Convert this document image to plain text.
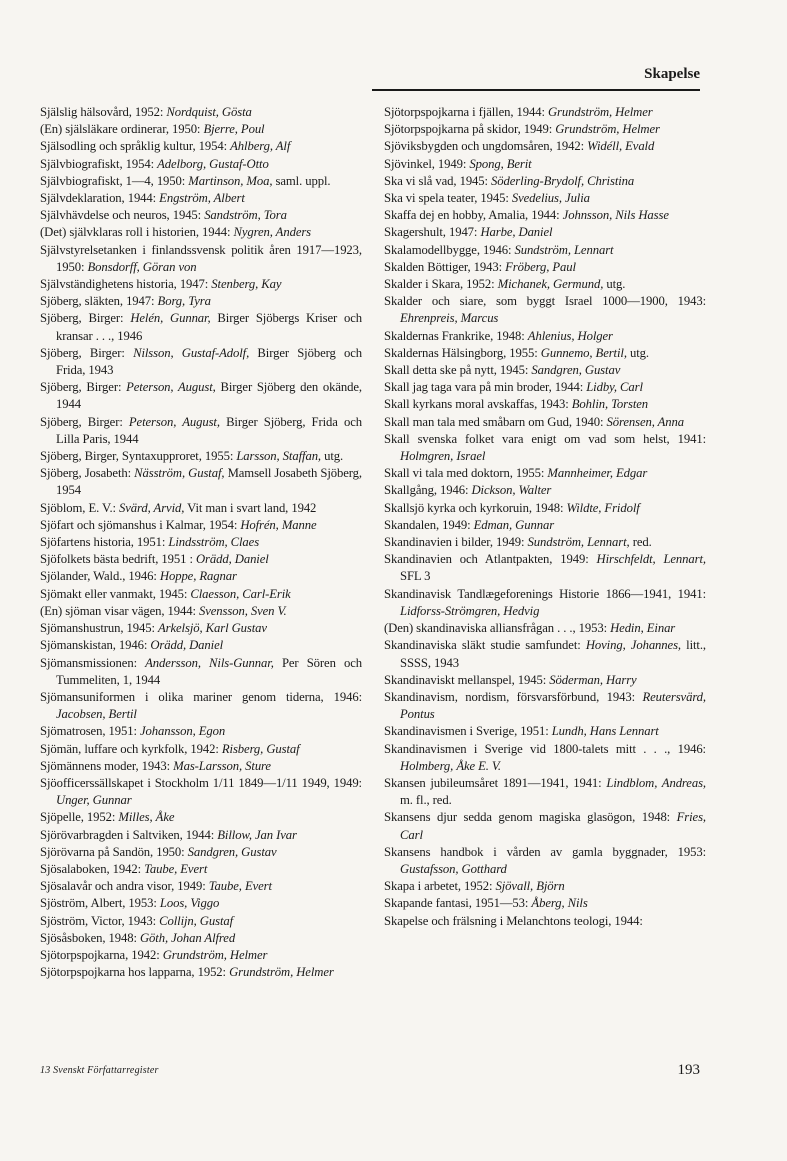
Skapelse
Själslig hälsovård, 1952: Nordquist, Gösta
(En) själsläkare ordinerar, 1950: Bjerre, Poul
Själsodling och språklig kultur, 1954: Ahlberg, Alf
Självbiografiskt, 1954: Adelborg, Gustaf-Otto
Självbiografiskt, 1—4, 1950: Martinson, Moa, saml. uppl.
Självdeklaration, 1944: Engström, Albert
Självhävdelse och neuros, 1945: Sandström, Tora
(Det) självklaras roll i historien, 1944: Nygren, Anders
Självstyrelsetanken i finlandssvensk politik åren 1917—1923, 1950: Bonsdorff, Göran von
Självständighetens historia, 1947: Stenberg, Kay
Sjöberg, släkten, 1947: Borg, Tyra
Sjöberg, Birger: Helén, Gunnar, Birger Sjöbergs Kriser och kransar . . ., 1946
Sjöberg, Birger: Nilsson, Gustaf-Adolf, Birger Sjöberg och Frida, 1943
Sjöberg, Birger: Peterson, August, Birger Sjöberg den okände, 1944
Sjöberg, Birger: Peterson, August, Birger Sjöberg, Frida och Lilla Paris, 1944
Sjöberg, Birger, Syntaxupproret, 1955: Larsson, Staffan, utg.
Sjöberg, Josabeth: Näsström, Gustaf, Mamsell Josabeth Sjöberg, 1954
Sjöblom, E. V.: Svärd, Arvid, Vit man i svart land, 1942
Sjöfart och sjömanshus i Kalmar, 1954: Hofrén, Manne
Sjöfartens historia, 1951: Lindsström, Claes
Sjöfolkets bästa bedrift, 1951 : Orädd, Daniel
Sjölander, Wald., 1946: Hoppe, Ragnar
Sjömakt eller vanmakt, 1945: Claesson, Carl-Erik
(En) sjöman visar vägen, 1944: Svensson, Sven V.
Sjömanshustrun, 1945: Arkelsjö, Karl Gustav
Sjömanskistan, 1946: Orädd, Daniel
Sjömansmissionen: Andersson, Nils-Gunnar, Per Sören och Tummeliten, 1, 1944
Sjömansuniformen i olika mariner genom tiderna, 1946: Jacobsen, Bertil
Sjömatrosen, 1951: Johansson, Egon
Sjömän, luffare och kyrkfolk, 1942: Risberg, Gustaf
Sjömännens moder, 1943: Mas-Larsson, Sture
Sjöofficerssällskapet i Stockholm 1/11 1849—1/11 1949, 1949: Unger, Gunnar
Sjöpelle, 1952: Milles, Åke
Sjörövarbragden i Saltviken, 1944: Billow, Jan Ivar
Sjörövarna på Sandön, 1950: Sandgren, Gustav
Sjösalaboken, 1942: Taube, Evert
Sjösalavår och andra visor, 1949: Taube, Evert
Sjöström, Albert, 1953: Loos, Viggo
Sjöström, Victor, 1943: Collijn, Gustaf
Sjösåsboken, 1948: Göth, Johan Alfred
Sjötorpspojkarna, 1942: Grundström, Helmer
Sjötorpspojkarna hos lapparna, 1952: Grundström, Helmer
Sjötorpspojkarna i fjällen, 1944: Grundström, Helmer
Sjötorpspojkarna på skidor, 1949: Grundström, Helmer
Sjöviksbygden och ungdomsåren, 1942: Widéll, Evald
Sjövinkel, 1949: Spong, Berit
Ska vi slå vad, 1945: Söderling-Brydolf, Christina
Ska vi spela teater, 1945: Svedelius, Julia
Skaffa dej en hobby, Amalia, 1944: Johnsson, Nils Hasse
Skagershult, 1947: Harbe, Daniel
Skalamodellbygge, 1946: Sundström, Lennart
Skalden Böttiger, 1943: Fröberg, Paul
Skalder i Skara, 1952: Michanek, Germund, utg.
Skalder och siare, som byggt Israel 1000—1900, 1943: Ehrenpreis, Marcus
Skaldernas Frankrike, 1948: Ahlenius, Holger
Skaldernas Hälsingborg, 1955: Gunnemo, Bertil, utg.
Skall detta ske på nytt, 1945: Sandgren, Gustav
Skall jag taga vara på min broder, 1944: Lidby, Carl
Skall kyrkans moral avskaffas, 1943: Bohlin, Torsten
Skall man tala med småbarn om Gud, 1940: Sörensen, Anna
Skall svenska folket vara enigt om vad som helst, 1941: Holmgren, Israel
Skall vi tala med doktorn, 1955: Mannheimer, Edgar
Skallgång, 1946: Dickson, Walter
Skallsjö kyrka och kyrkoruin, 1948: Wildte, Fridolf
Skandalen, 1949: Edman, Gunnar
Skandinavien i bilder, 1949: Sundström, Lennart, red.
Skandinavien och Atlantpakten, 1949: Hirschfeldt, Lennart, SFL 3
Skandinavisk Tandlægeforenings Historie 1866—1941, 1941: Lidforss-Strömgren, Hedvig
(Den) skandinaviska alliansfrågan . . ., 1953: Hedin, Einar
Skandinaviska släkt studie samfundet: Hoving, Johannes, litt., SSSS, 1943
Skandinaviskt mellanspel, 1945: Söderman, Harry
Skandinavism, nordism, försvarsförbund, 1943: Reutersvärd, Pontus
Skandinavismen i Sverige, 1951: Lundh, Hans Lennart
Skandinavismen i Sverige vid 1800-talets mitt . . ., 1946: Holmberg, Åke E. V.
Skansen jubileumsåret 1891—1941, 1941: Lindblom, Andreas, m. fl., red.
Skansens djur sedda genom magiska glasögon, 1948: Fries, Carl
Skansens handbok i vården av gamla byggnader, 1953: Gustafsson, Gotthard
Skapa i arbetet, 1952: Sjövall, Björn
Skapande fantasi, 1951—53: Åberg, Nils
Skapelse och frälsning i Melanchtons teologi, 1944:
13 Svenskt Författarregister	193
